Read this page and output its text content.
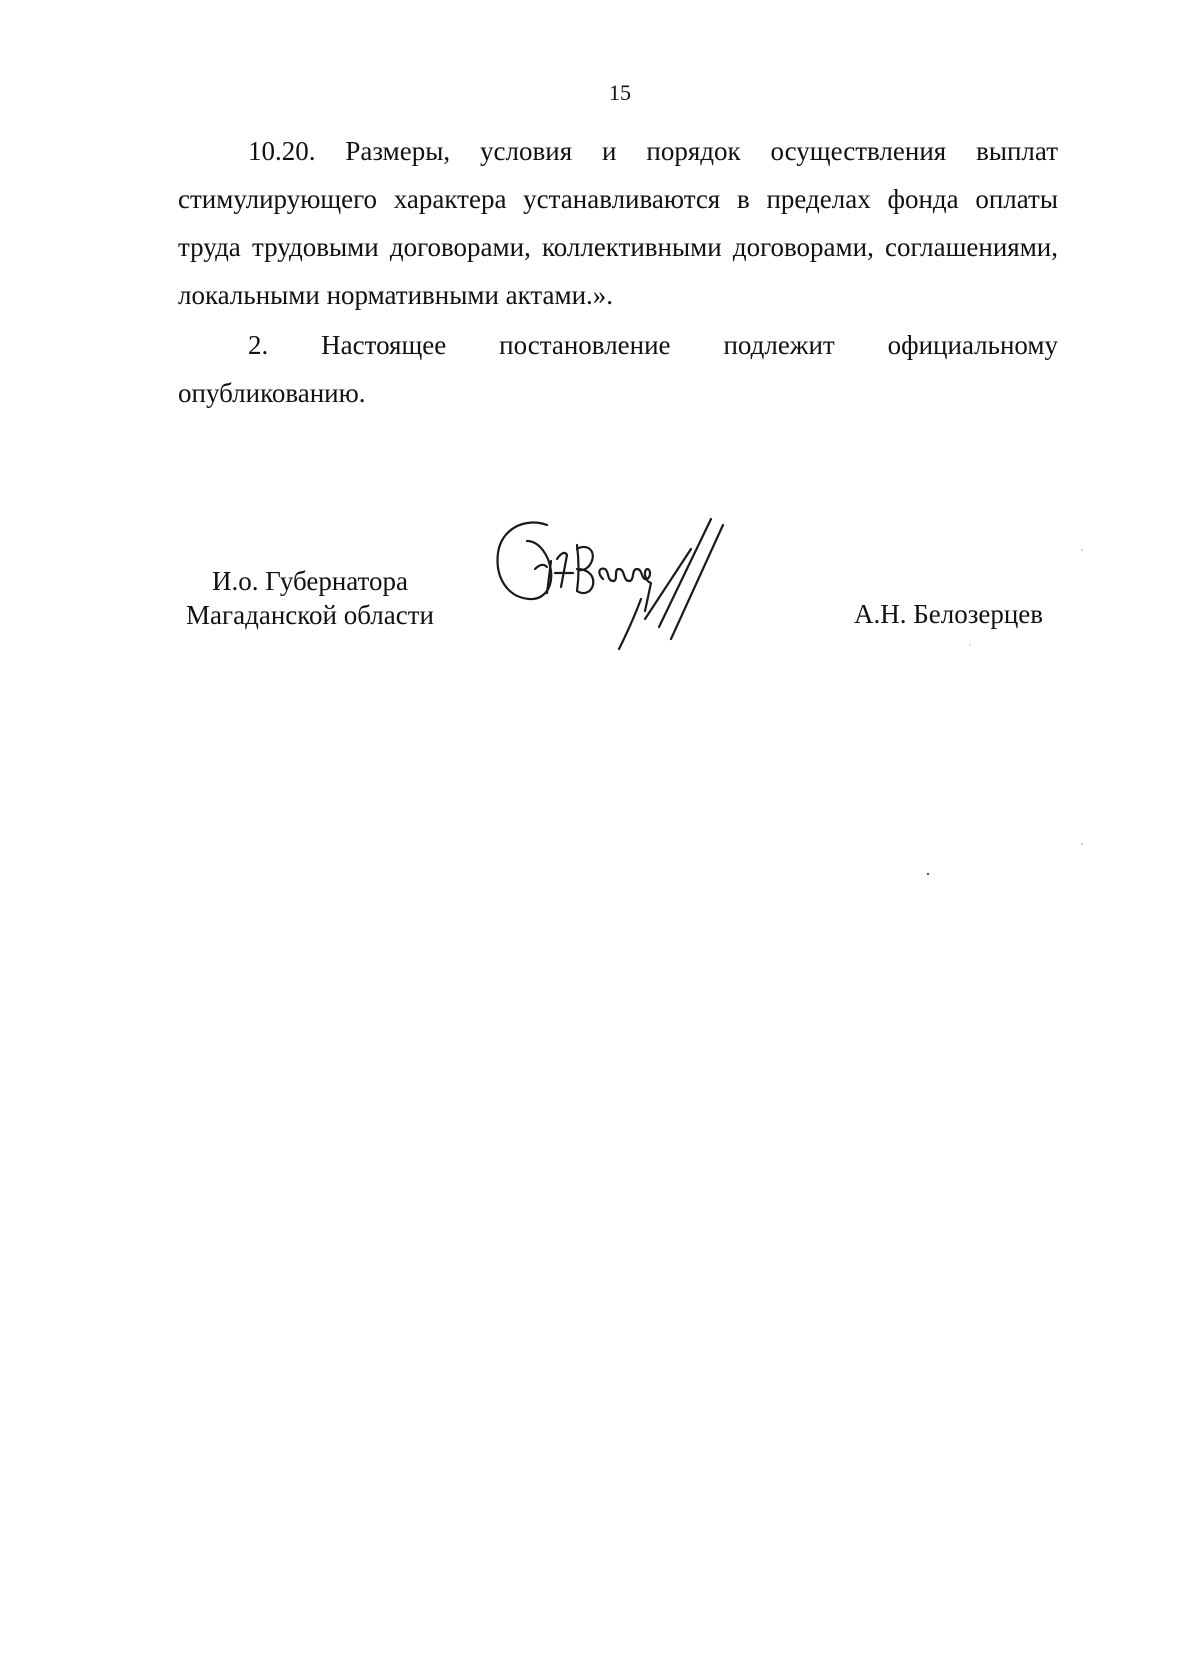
15

10.20. Размеры, условия и порядок осуществления выплат стимулирующего характера устанавливаются в пределах фонда оплаты труда трудовыми договорами, коллективными договорами, соглашениями, локальными нормативными актами.».

2. Настоящее постановление подлежит официальному
опубликованию.

И.о. Губернатора
Магаданской области	А.Н. Белозерцев
